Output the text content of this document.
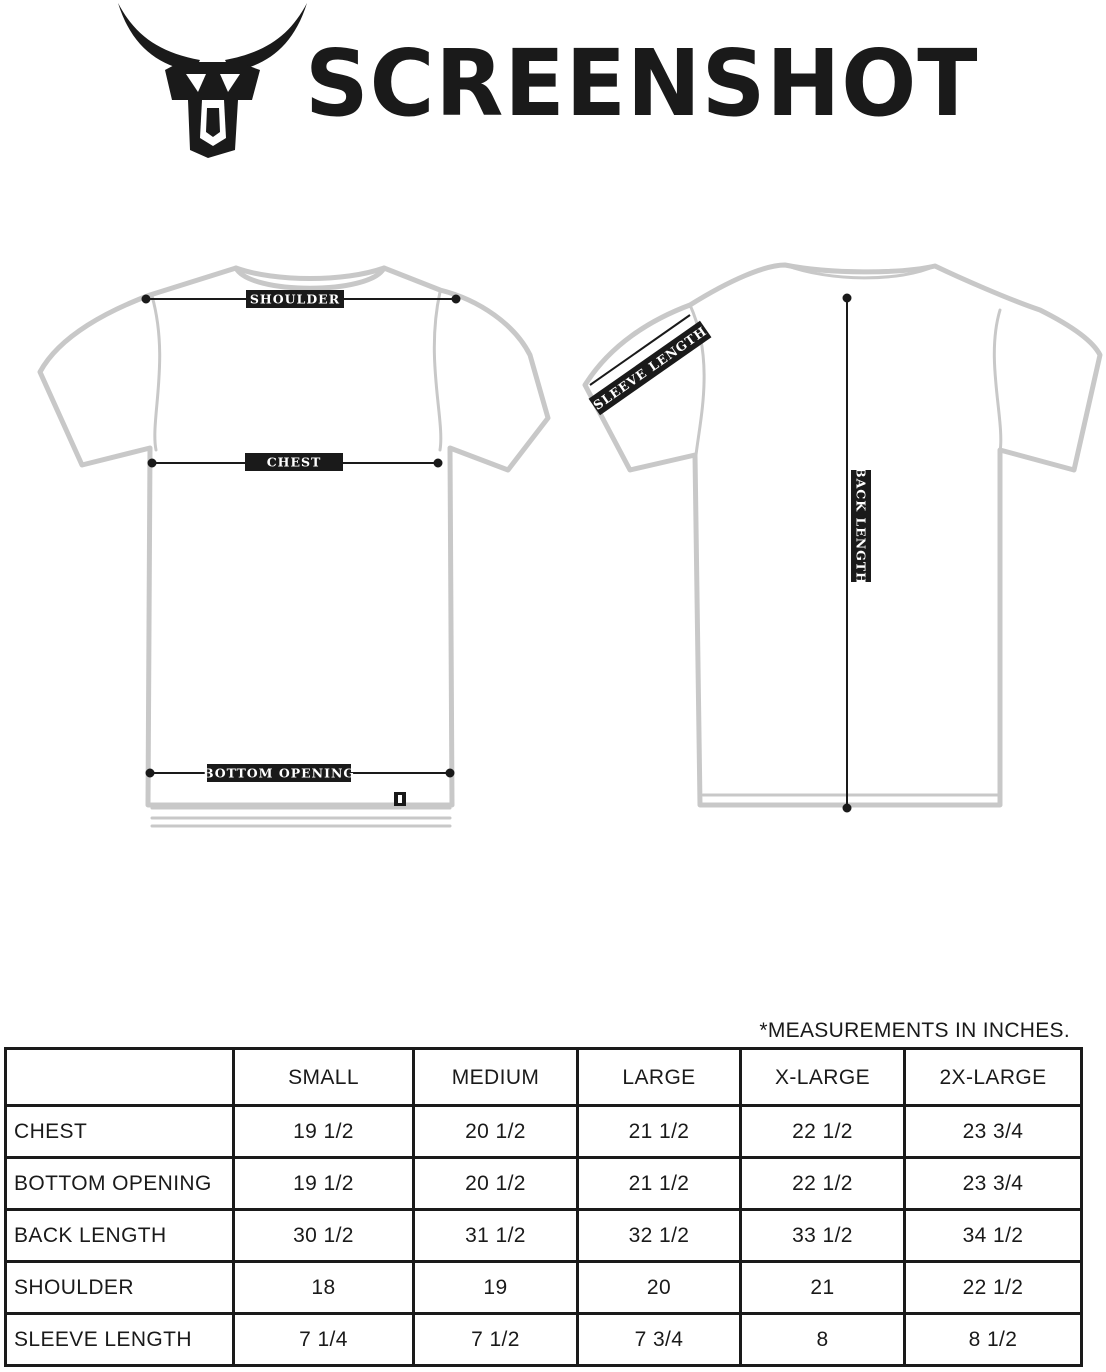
SCREENSHOT
SHOULDER
CHEST
BOTTOM OPENING
SLEEVE LENGTH
BACK LENGTH
*MEASUREMENTS IN INCHES.
	SMALL	MEDIUM	LARGE	X-LARGE	2X-LARGE
CHEST	19 1/2	20 1/2	21 1/2	22 1/2	23 3/4
BOTTOM OPENING	19 1/2	20 1/2	21 1/2	22 1/2	23 3/4
BACK LENGTH	30 1/2	31 1/2	32 1/2	33 1/2	34 1/2
SHOULDER	18	19	20	21	22 1/2
SLEEVE LENGTH	7 1/4	7 1/2	7 3/4	8	8 1/2
